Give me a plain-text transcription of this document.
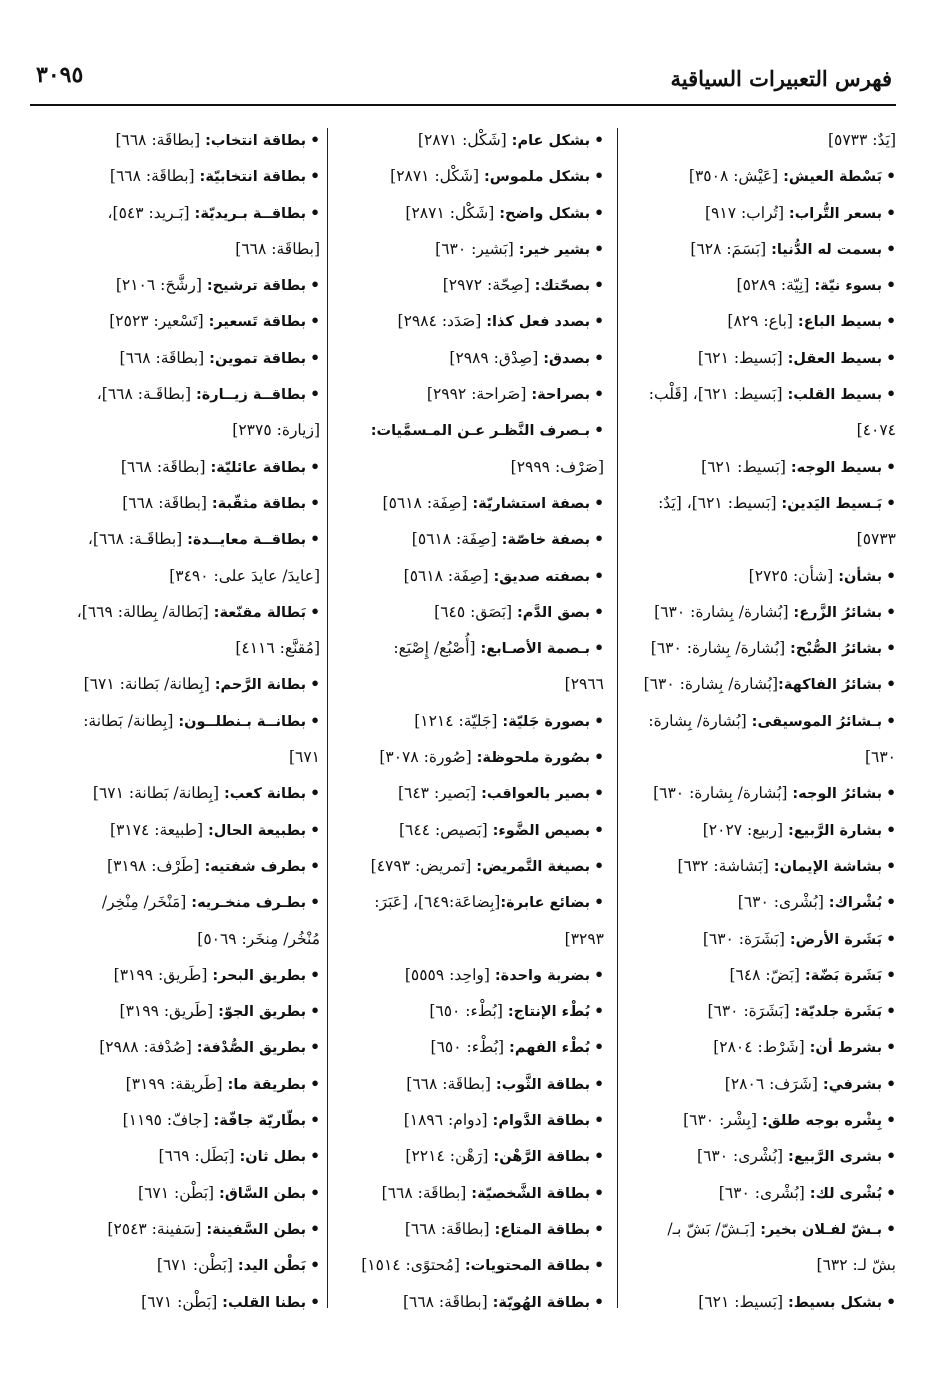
فهرس التعبيرات السياقية
٣٠٩٥
[يَدٌ: ٥٧٣٣]
•بَسْطة العيش: [عَيْش: ٣٥٠٨]
•بسعر التُّراب: [تُراب: ٩١٧]
•بسمت له الدُّنيا: [بَسَمَ: ٦٢٨]
•بسوء نيّة: [نِيّة: ٥٢٨٩]
•بسيط الباع: [باع: ٨٢٩]
•بسيط العقل: [بَسيط: ٦٢١]
•بسيط القلب: [بَسيط: ٦٢١]، [قَلْب:
٤٠٧٤]
•بسيط الوجه: [بَسيط: ٦٢١]
•بَـسيط اليَدين: [بَسيط: ٦٢١]، [يَدٌ:
٥٧٣٣]
•بشأن: [شأن: ٢٧٢٥]
•بشائرُ الزَّرع: [بُشارة/ بِشارة: ٦٣٠]
•بشائرُ الصُّبْح: [بُشارة/ بِشارة: ٦٣٠]
•بشائرُ الفاكهة:[بُشارة/ بِشارة: ٦٣٠]
•بـشائرُ الموسيقى: [بُشارة/ بِشارة:
٦٣٠]
•بشائرُ الوجه: [بُشارة/ بِشارة: ٦٣٠]
•بشارة الرَّبيع: [ربيع: ٢٠٢٧]
•بشاشة الإيمان: [بَشاشة: ٦٣٢]
•بُشْراك: [بُشْرى: ٦٣٠]
•بَشَرة الأرض: [بَشَرَة: ٦٣٠]
•بَشَرة بَضّة: [بَضّ: ٦٤٨]
•بَشَرة جلديّة: [بَشَرَة: ٦٣٠]
•بشرط أن: [شَرْط: ٢٨٠٤]
•بشرفي: [شَرَف: ٢٨٠٦]
•بِشْره بوجه طلق: [بِشْر: ٦٣٠]
•بشرى الرَّبيع: [بُشْرى: ٦٣٠]
•بُشْرى لك: [بُشْرى: ٦٣٠]
•بـشّ لفـلان بخير: [بَـشّ/ بَشّ بـ/
بشّ لـ: ٦٣٢]
•بشكل بسيط: [بَسيط: ٦٢١]
•بشكل عام: [شَكْل: ٢٨٧١]
•بشكل ملموس: [شَكْل: ٢٨٧١]
•بشكل واضح: [شَكْل: ٢٨٧١]
•بشير خير: [بَشير: ٦٣٠]
•بصحّتك: [صِحّة: ٢٩٧٢]
•بصدد فعل كذا: [صَدَد: ٢٩٨٤]
•بصدق: [صِدْق: ٢٩٨٩]
•بصراحة: [صَراحة: ٢٩٩٢]
•بـصرف النَّظـر عـن المـسمَّيات:
[صَرْف: ٢٩٩٩]
•بصفة استشاريّة: [صِفَة: ٥٦١٨]
•بصفة خاصّة: [صِفَة: ٥٦١٨]
•بصفته صديق: [صِفَة: ٥٦١٨]
•بصق الدَّم: [بَصَق: ٦٤٥]
•بـصمة الأصـابع: [أُصْبُع/ إِصْبَع:
٢٩٦٦]
•بصورة جَليّة: [جَليّة: ١٢١٤]
•بصُورة ملحوظة: [صُورة: ٣٠٧٨]
•بصير بالعواقب: [بَصير: ٦٤٣]
•بصيص الضَّوء: [بَصيص: ٦٤٤]
•بصيغة التَّمريض: [تمريض: ٤٧٩٣]
•بضائع عابرة:[بِضاعَة:٦٤٩]، [عَبَرَ:
٣٢٩٣]
•بضربة واحدة: [واحِد: ٥٥٥٩]
•بُطْء الإنتاج: [بُطْء: ٦٥٠]
•بُطْء الفهم: [بُطْء: ٦٥٠]
•بطاقة الثَّوب: [بطاقَة: ٦٦٨]
•بطاقة الدَّوام: [دوام: ١٨٩٦]
•بطاقة الرَّهْن: [رَهْن: ٢٢١٤]
•بطاقة الشَّخصيّة: [بطاقَة: ٦٦٨]
•بطاقة المتاع: [بطاقَة: ٦٦٨]
•بطاقة المحتويات: [مُحتوًى: ١٥١٤]
•بطاقة الهُويّة: [بطاقَة: ٦٦٨]
•بطاقة انتخاب: [بطاقَة: ٦٦٨]
•بطاقة انتخابيّة: [بطاقَة: ٦٦٨]
•بطاقــة بـريديّة: [بَـريد: ٥٤٣]،
[بطاقَة: ٦٦٨]
•بطاقة ترشيح: [رشَّحَ: ٢١٠٦]
•بطاقة تَسعير: [تَسْعير: ٢٥٢٣]
•بطاقة تموين: [بطاقَة: ٦٦٨]
•بطاقــة زيــارة: [بطاقَـة: ٦٦٨]،
[زيارة: ٢٣٧٥]
•بطاقة عائليّة: [بطاقَة: ٦٦٨]
•بطاقة مثقّبة: [بطاقَة: ٦٦٨]
•بطاقــة معايــدة: [بطاقَـة: ٦٦٨]،
[عايدَ/ عايدَ على: ٣٤٩٠]
•بَطالة مقنّعة: [بَطالة/ بِطالة: ٦٦٩]،
[مُقنَّع: ٤١١٦]
•بطانة الرَّحم: [بِطانة/ بَطانة: ٦٧١]
•بطانــة بـنطلــون: [بِطانة/ بَطانة:
٦٧١]
•بطانة كعب: [بِطانة/ بَطانة: ٦٧١]
•بطبيعة الحال: [طبيعة: ٣١٧٤]
•بطرف شفتيه: [طَرْف: ٣١٩٨]
•بطـرف منخـريه: [مَنْخَر/ مِنْخِر/
مُنْخُر/ مِنخَر: ٥٠٦٩]
•بطريق البحر: [طَريق: ٣١٩٩]
•بطريق الجوّ: [طَريق: ٣١٩٩]
•بطريق الصُّدْفة: [صُدْفة: ٢٩٨٨]
•بطريقة ما: [طَريقة: ٣١٩٩]
•بطّاريّة جافّة: [جافّ: ١١٩٥]
•بطل ثان: [بَطَل: ٦٦٩]
•بطن السَّاق: [بَطْن: ٦٧١]
•بطن السَّفينة: [سَفينة: ٢٥٤٣]
•بَطْن اليد: [بَطْن: ٦٧١]
•بطنا القلب: [بَطْن: ٦٧١]
